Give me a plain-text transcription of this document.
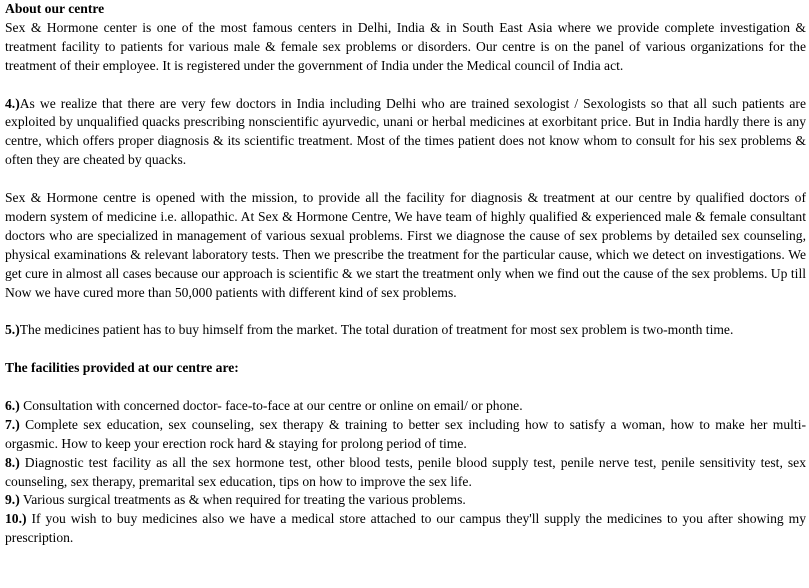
About our centre

Sex & Hormone center is one of the most famous centers in Delhi, India & in South East Asia where we provide complete investigation & treatment facility to patients for various male & female sex problems or disorders. Our centre is on the panel of various organizations for the treatment of their employee. It is registered under the government of India under the Medical council of India act.

4.)As we realize that there are very few doctors in India including Delhi who are trained sexologist / Sexologists so that all such patients are exploited by unqualified quacks prescribing nonscientific ayurvedic, unani or herbal medicines at exorbitant price. But in India hardly there is any centre, which offers proper diagnosis & its scientific treatment. Most of the times patient does not know whom to consult for his sex problems & often they are cheated by quacks.

Sex & Hormone centre is opened with the mission, to provide all the facility for diagnosis & treatment at our centre by qualified doctors of modern system of medicine i.e. allopathic. At Sex & Hormone Centre, We have team of highly qualified & experienced male & female consultant doctors who are specialized in management of various sexual problems. First we diagnose the cause of sex problems by detailed sex counseling, physical examinations & relevant laboratory tests. Then we prescribe the treatment for the particular cause, which we detect on investigations. We get cure in almost all cases because our approach is scientific & we start the treatment only when we find out the cause of the sex problems. Up till Now we have cured more than 50,000 patients with different kind of sex problems.

5.)The medicines patient has to buy himself from the market. The total duration of treatment for most sex problem is two-month time.

The facilities provided at our centre are:

6.) Consultation with concerned doctor- face-to-face at our centre or online on email/ or phone.

7.) Complete sex education, sex counseling, sex therapy & training to better sex including how to satisfy a woman, how to make her multi-orgasmic. How to keep your erection rock hard & staying for prolong period of time.

8.) Diagnostic test facility as all the sex hormone test, other blood tests, penile blood supply test, penile nerve test, penile sensitivity test, sex counseling, sex therapy, premarital sex education, tips on how to improve the sex life.

9.) Various surgical treatments as & when required for treating the various problems.

10.) If you wish to buy medicines also we have a medical store attached to our campus they'll supply the medicines to you after showing my prescription.
